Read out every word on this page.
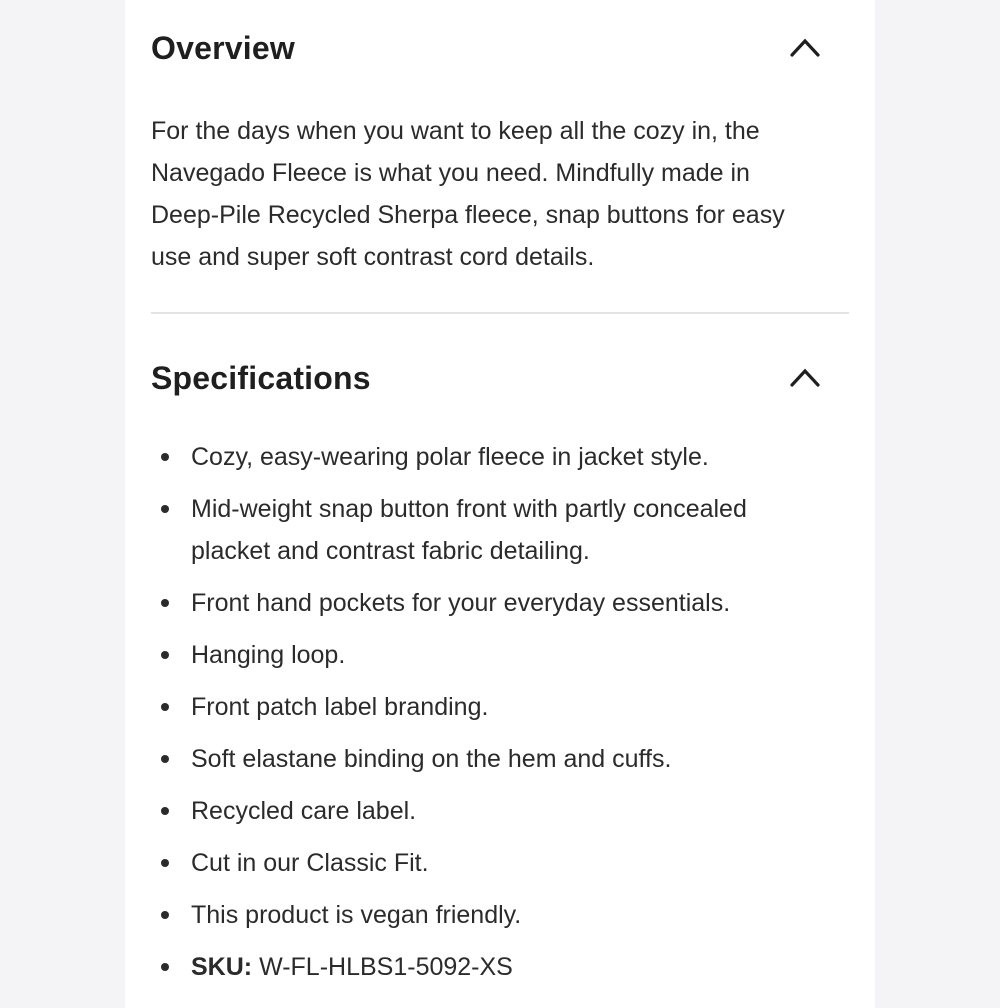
Overview

For the days when you want to keep all the cozy in, the Navegado Fleece is what you need. Mindfully made in Deep-Pile Recycled Sherpa fleece, snap buttons for easy use and super soft contrast cord details.

Specifications
Cozy, easy-wearing polar fleece in jacket style.
Mid-weight snap button front with partly concealed placket and contrast fabric detailing.
Front hand pockets for your everyday essentials.
Hanging loop.
Front patch label branding.
Soft elastane binding on the hem and cuffs.
Recycled care label.
Cut in our Classic Fit.
This product is vegan friendly.
SKU: W-FL-HLBS1-5092-XS
